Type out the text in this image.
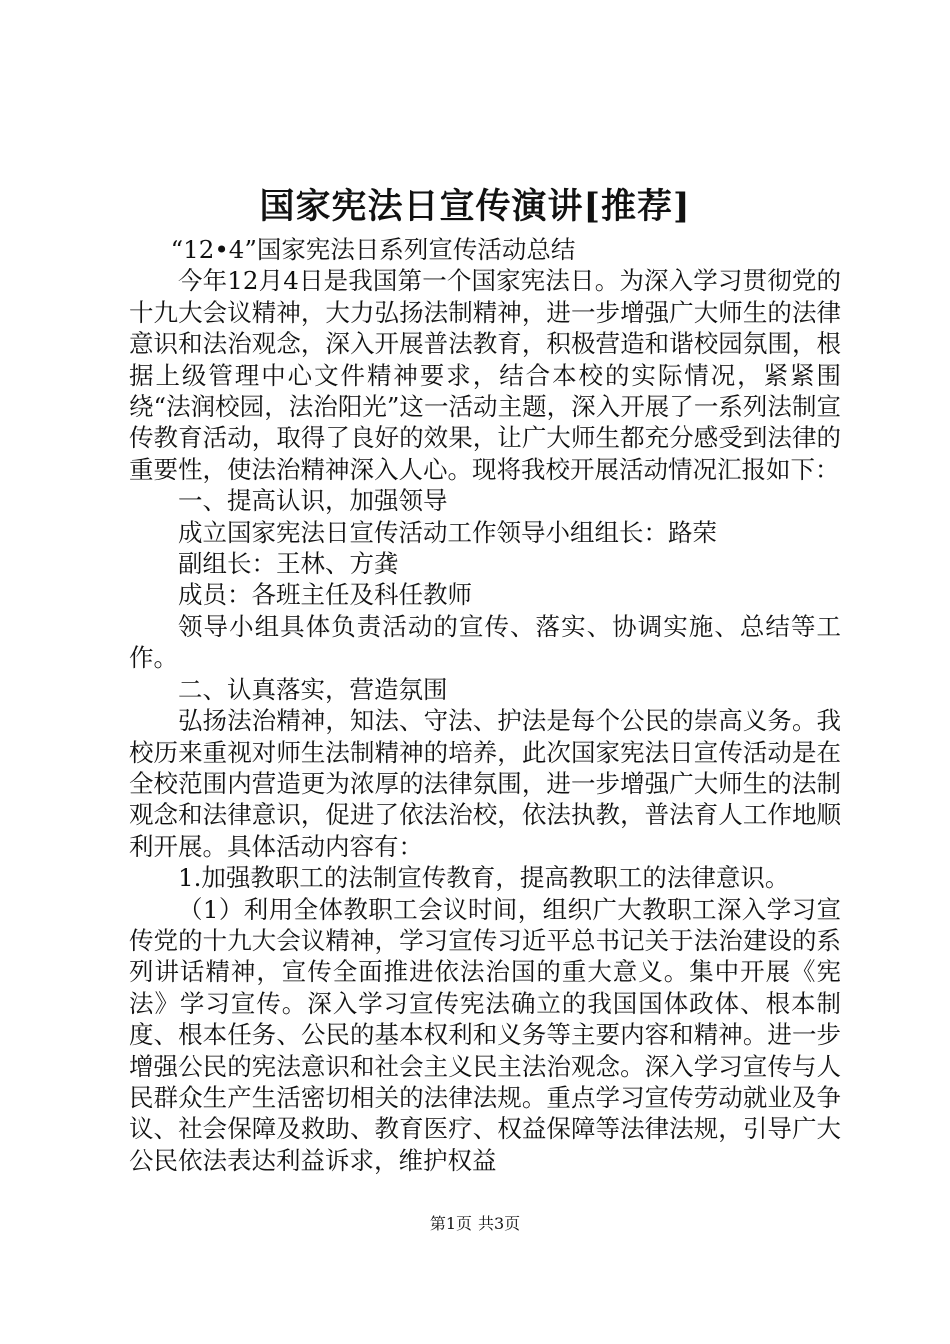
国家宪法日宣传演讲[推荐]

“12•4”国家宪法日系列宣传活动总结

今年12月4日是我国第一个国家宪法日。为深入学习贯彻党的十九大会议精神，大力弘扬法制精神，进一步增强广大师生的法律意识和法治观念，深入开展普法教育，积极营造和谐校园氛围，根据上级管理中心文件精神要求，结合本校的实际情况，紧紧围绕“法润校园，法治阳光”这一活动主题，深入开展了一系列法制宣传教育活动，取得了良好的效果，让广大师生都充分感受到法律的重要性，使法治精神深入人心。现将我校开展活动情况汇报如下：

一、提高认识，加强领导

成立国家宪法日宣传活动工作领导小组组长：路荣

副组长：王林、方龚

成员：各班主任及科任教师

领导小组具体负责活动的宣传、落实、协调实施、总结等工作。

二、认真落实，营造氛围

弘扬法治精神，知法、守法、护法是每个公民的崇高义务。我校历来重视对师生法制精神的培养，此次国家宪法日宣传活动是在全校范围内营造更为浓厚的法律氛围，进一步增强广大师生的法制观念和法律意识，促进了依法治校，依法执教，普法育人工作地顺利开展。具体活动内容有：

1.加强教职工的法制宣传教育，提高教职工的法律意识。

（1）利用全体教职工会议时间，组织广大教职工深入学习宣传党的十九大会议精神，学习宣传习近平总书记关于法治建设的系列讲话精神，宣传全面推进依法治国的重大意义。集中开展《宪法》学习宣传。深入学习宣传宪法确立的我国国体政体、根本制度、根本任务、公民的基本权利和义务等主要内容和精神。进一步增强公民的宪法意识和社会主义民主法治观念。深入学习宣传与人民群众生产生活密切相关的法律法规。重点学习宣传劳动就业及争议、社会保障及救助、教育医疗、权益保障等法律法规，引导广大公民依法表达利益诉求，维护权益

第1页 共3页
